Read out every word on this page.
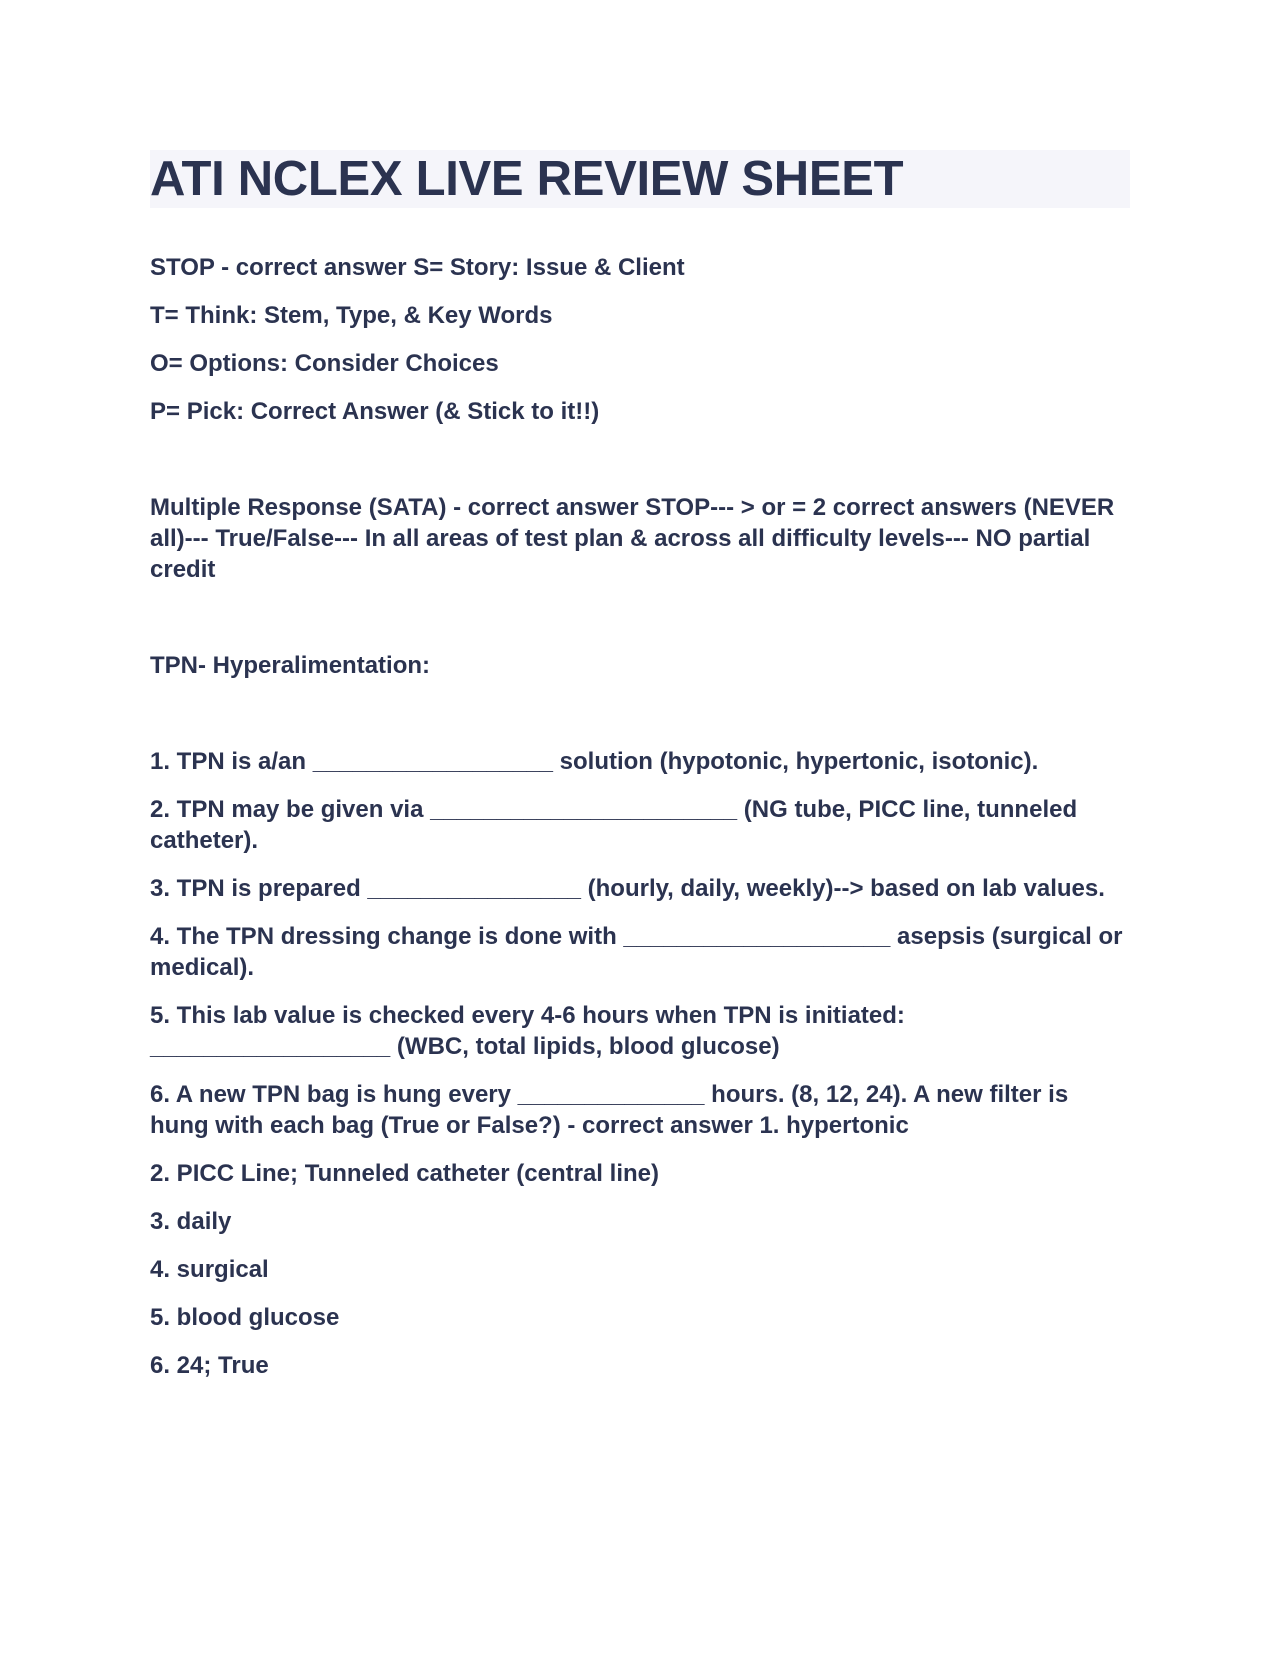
ATI NCLEX LIVE REVIEW SHEET

STOP - correct answer S= Story: Issue & Client

T= Think: Stem, Type, & Key Words

O= Options: Consider Choices

P= Pick: Correct Answer (& Stick to it!!)

Multiple Response (SATA) - correct answer STOP--- > or = 2 correct answers (NEVER all)--- True/False--- In all areas of test plan & across all difficulty levels--- NO partial credit

TPN- Hyperalimentation:

1. TPN is a/an __________________ solution (hypotonic, hypertonic, isotonic).

2. TPN may be given via _______________________ (NG tube, PICC line, tunneled catheter).

3. TPN is prepared ________________ (hourly, daily, weekly)--> based on lab values.

4. The TPN dressing change is done with ____________________ asepsis (surgical or medical).

5. This lab value is checked every 4-6 hours when TPN is initiated: __________________ (WBC, total lipids, blood glucose)

6. A new TPN bag is hung every ______________ hours. (8, 12, 24). A new filter is hung with each bag (True or False?) - correct answer 1. hypertonic

2. PICC Line; Tunneled catheter (central line)

3. daily

4. surgical

5. blood glucose

6. 24; True
